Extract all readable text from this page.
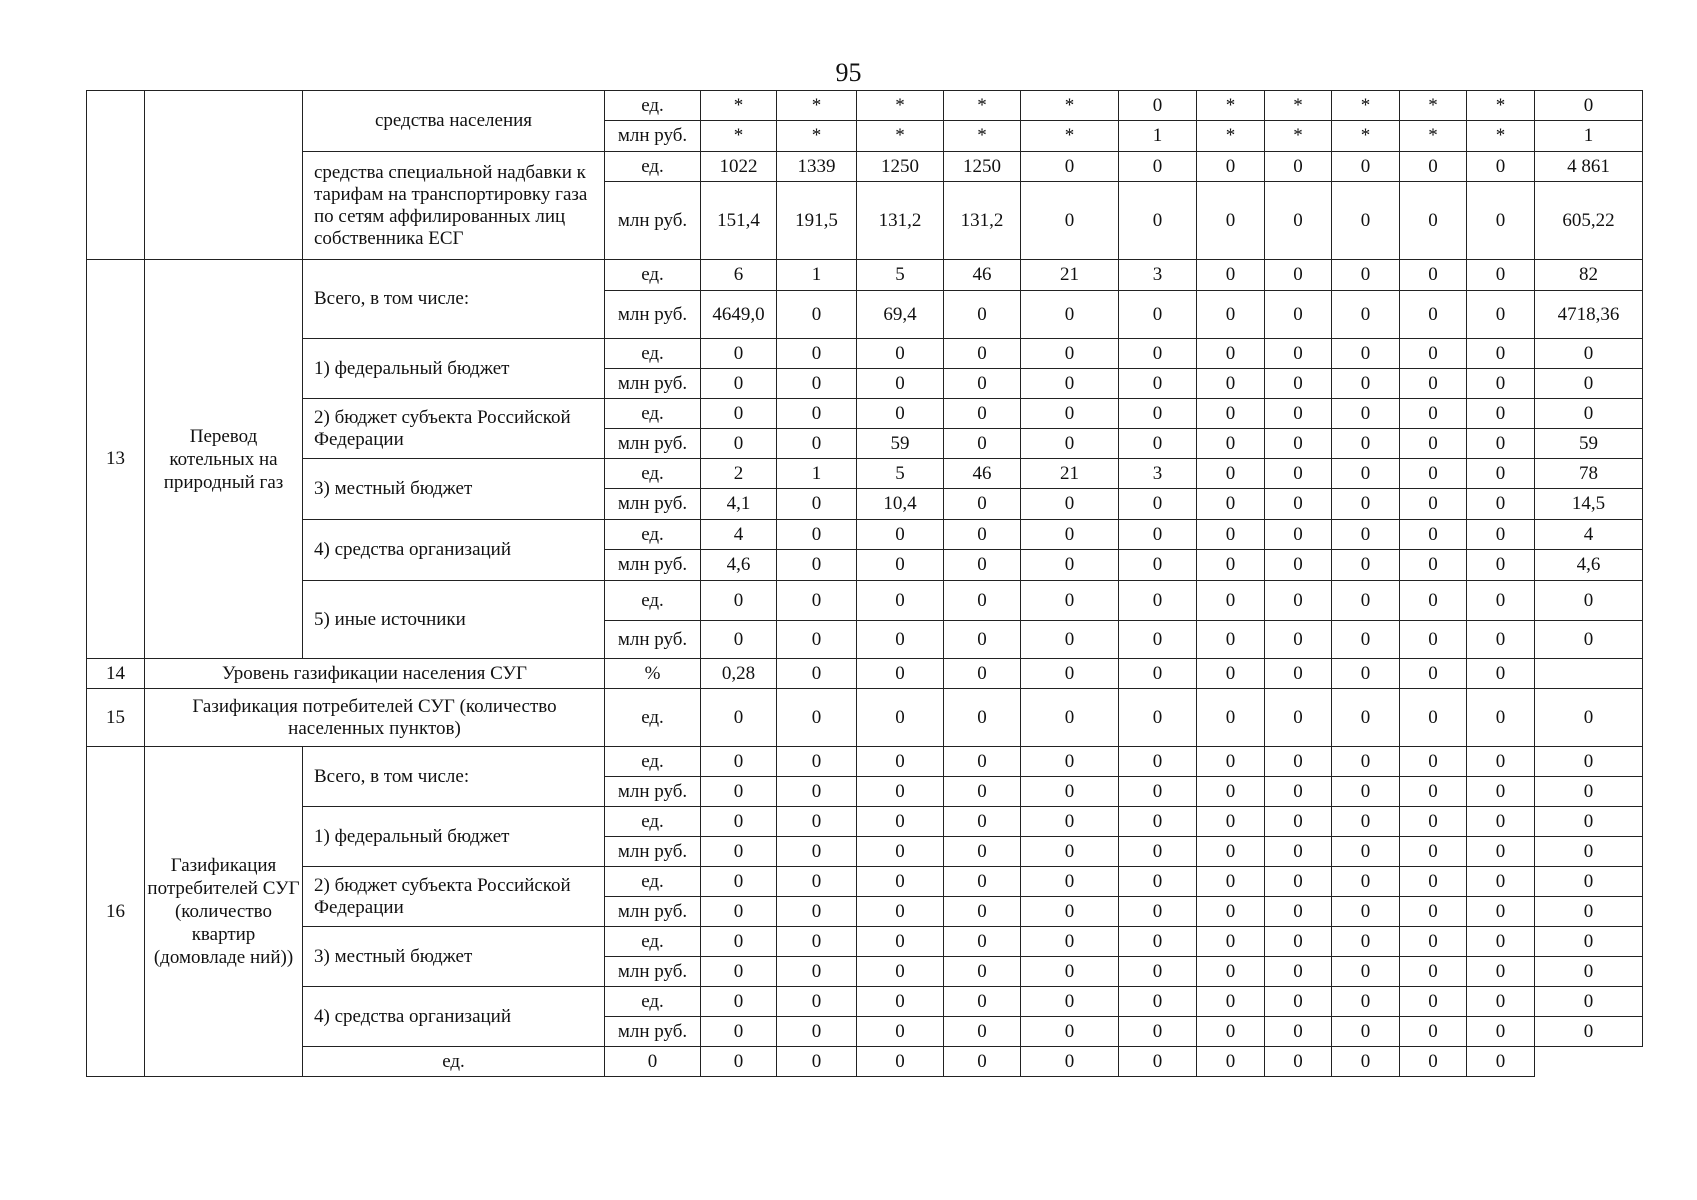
95
		средства населения	ед.	*	*	*	*	*	0	*	*	*	*	*	0
			млн руб.	*	*	*	*	*	1	*	*	*	*	*	1
		средства специальной надбавки к тарифам на транспортировку газа по сетям аффилированных лиц собственника ЕСГ	ед.	1022	1339	1250	1250	0	0	0	0	0	0	0	4 861
			млн руб.	151,4	191,5	131,2	131,2	0	0	0	0	0	0	0	605,22
13	Перевод котельных на природный газ	Всего, в том числе:	ед.	6	1	5	46	21	3	0	0	0	0	0	82
			млн руб.	4649,0	0	69,4	0	0	0	0	0	0	0	0	4718,36
		1) федеральный бюджет	ед.	0	0	0	0	0	0	0	0	0	0	0	0
			млн руб.	0	0	0	0	0	0	0	0	0	0	0	0
		2) бюджет субъекта Российской Федерации	ед.	0	0	0	0	0	0	0	0	0	0	0	0
			млн руб.	0	0	59	0	0	0	0	0	0	0	0	59
		3) местный бюджет	ед.	2	1	5	46	21	3	0	0	0	0	0	78
			млн руб.	4,1	0	10,4	0	0	0	0	0	0	0	0	14,5
		4) средства организаций	ед.	4	0	0	0	0	0	0	0	0	0	0	4
			млн руб.	4,6	0	0	0	0	0	0	0	0	0	0	4,6
		5) иные источники	ед.	0	0	0	0	0	0	0	0	0	0	0	0
			млн руб.	0	0	0	0	0	0	0	0	0	0	0	0
14	Уровень газификации населения СУГ		%	0,28	0	0	0	0	0	0	0	0	0	0	
15	Газификация потребителей СУГ (количество населенных пунктов)		ед.	0	0	0	0	0	0	0	0	0	0	0	0
16	Газификация потребителей СУГ (количество квартир (домовладе ний))	Всего, в том числе:	ед.	0	0	0	0	0	0	0	0	0	0	0	0
			млн руб.	0	0	0	0	0	0	0	0	0	0	0	0
		1) федеральный бюджет	ед.	0	0	0	0	0	0	0	0	0	0	0	0
			млн руб.	0	0	0	0	0	0	0	0	0	0	0	0
		2) бюджет субъекта Российской Федерации	ед.	0	0	0	0	0	0	0	0	0	0	0	0
			млн руб.	0	0	0	0	0	0	0	0	0	0	0	0
		3) местный бюджет	ед.	0	0	0	0	0	0	0	0	0	0	0	0
			млн руб.	0	0	0	0	0	0	0	0	0	0	0	0
		4) средства организаций	ед.	0	0	0	0	0	0	0	0	0	0	0	0
			млн руб.	0	0	0	0	0	0	0	0	0	0	0	0
		ед.	0	0	0	0	0	0	0	0	0	0	0	0	
